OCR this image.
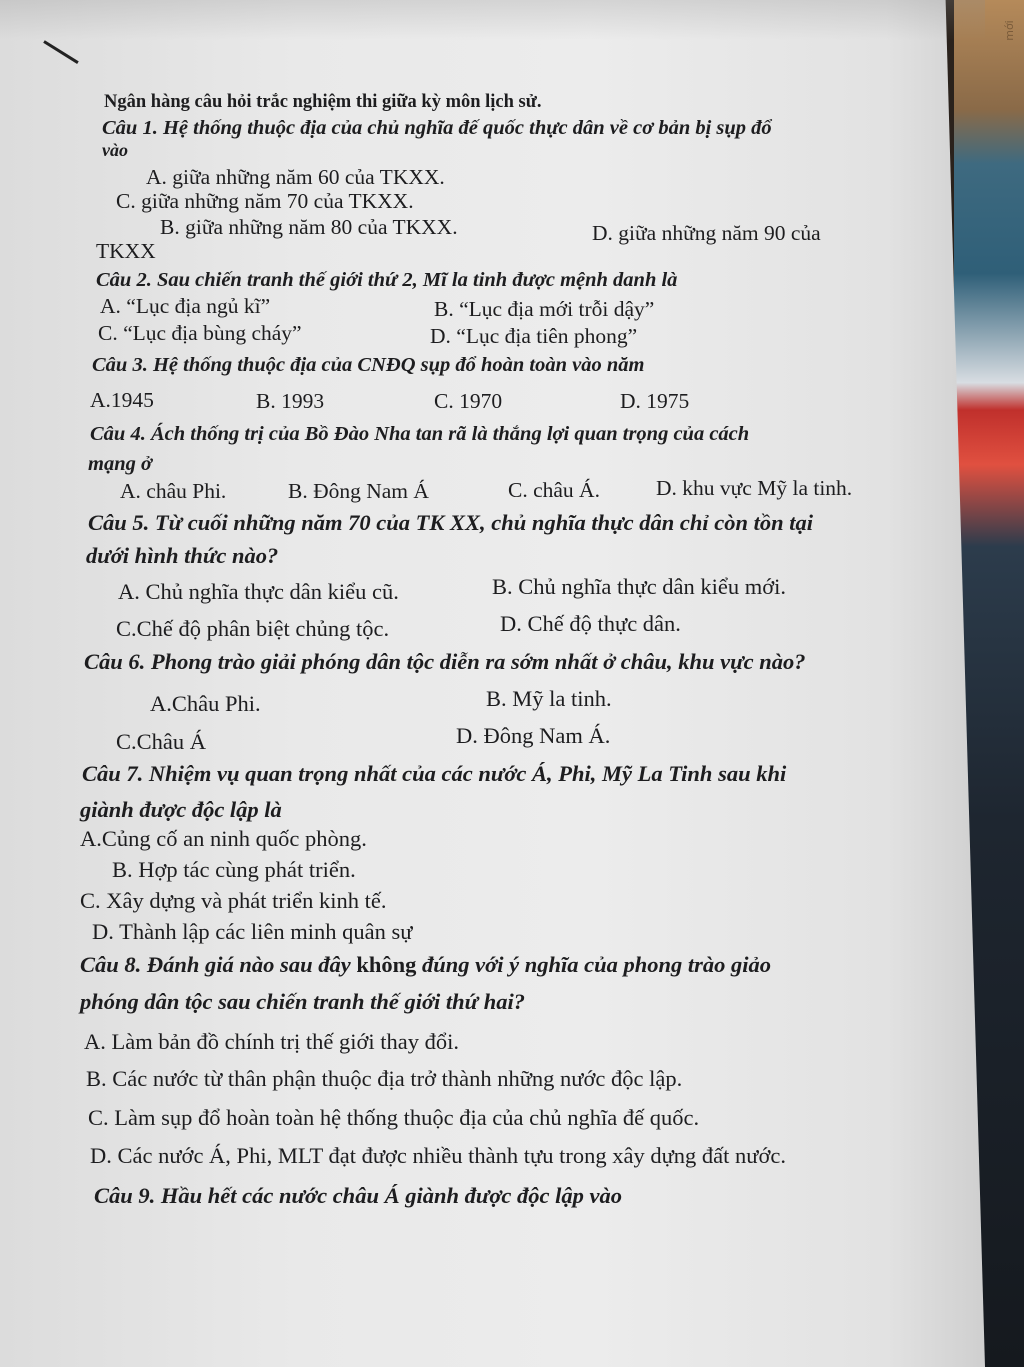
mới
Ngân hàng câu hỏi trắc nghiệm thi giữa kỳ môn lịch sử.
Câu 1. Hệ thống thuộc địa của chủ nghĩa đế quốc thực dân về cơ bản bị sụp đổ
vào
A. giữa những năm 60 của TKXX.
C. giữa những năm 70 của TKXX.
B. giữa những năm 80 của TKXX.	D. giữa những năm 90 của
TKXX
Câu 2. Sau chiến tranh thế giới thứ 2, Mĩ la tinh được mệnh danh là
A. “Lục địa ngủ kĩ”	B. “Lục địa mới trỗi dậy”
C. “Lục địa bùng cháy”	D. “Lục địa tiên phong”
Câu 3. Hệ thống thuộc địa của CNĐQ sụp đổ hoàn toàn vào năm
A.1945	B. 1993	C. 1970	D. 1975
Câu 4. Ách thống trị của Bồ Đào Nha tan rã là thắng lợi quan trọng của cách
mạng ở
A. châu Phi.	B. Đông Nam Á	C. châu Á.	D. khu vực Mỹ la tinh.
Câu 5. Từ cuối những năm 70 của TK XX, chủ nghĩa thực dân chỉ còn tồn tại
dưới hình thức nào?
A. Chủ nghĩa thực dân kiểu cũ.	B. Chủ nghĩa thực dân kiểu mới.
C.Chế độ phân biệt chủng tộc.	D. Chế độ thực dân.
Câu 6. Phong trào giải phóng dân tộc diễn ra sớm nhất ở châu, khu vực nào?
A.Châu Phi.	B. Mỹ la tinh.
C.Châu Á	D. Đông Nam Á.
Câu 7. Nhiệm vụ quan trọng nhất của các nước Á, Phi, Mỹ La Tinh sau khi
giành được độc lập là
A.Củng cố an ninh quốc phòng.
B. Hợp tác cùng phát triển.
C. Xây dựng và phát triển kinh tế.
D. Thành lập các liên minh quân sự
Câu 8. Đánh giá nào sau đây không đúng với ý nghĩa của phong trào giảo
phóng dân tộc sau chiến tranh thế giới thứ hai?
A. Làm bản đồ chính trị thế giới thay đổi.
B. Các nước từ thân phận thuộc địa trở thành những nước độc lập.
C. Làm sụp đổ hoàn toàn hệ thống thuộc địa của chủ nghĩa đế quốc.
D. Các nước Á, Phi, MLT đạt được nhiều thành tựu trong xây dựng đất nước.
Câu 9. Hầu hết các nước châu Á giành được độc lập vào
